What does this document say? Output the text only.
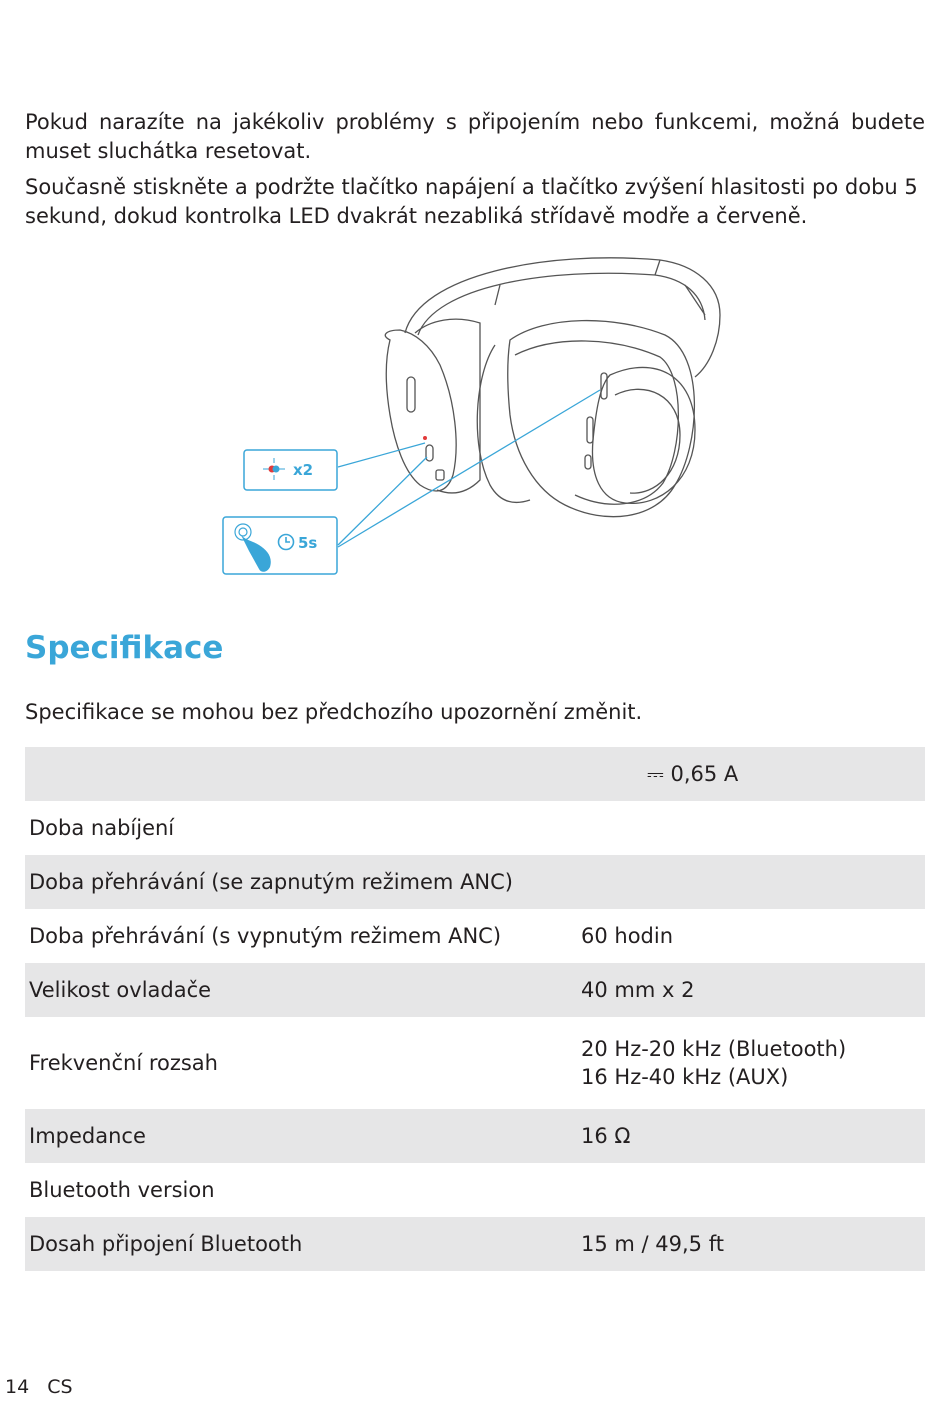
Pokud narazíte na jakékoliv problémy s připojením nebo funkcemi, možná budete muset sluchátka resetovat.

Současně stiskněte a podržte tlačítko napájení a tlačítko zvýšení hlasitosti po dobu 5 sekund, dokud kontrolka LED dvakrát nezabliká střídavě modře a červeně.

x2
5s
Specifikace

Specifikace se mohou bez předchozího upozornění změnit.

	⎓ 0,65 A
Doba nabíjení	
Doba přehrávání (se zapnutým režimem ANC)	
Doba přehrávání (s vypnutým režimem ANC)	60 hodin
Velikost ovladače	40 mm x 2
Frekvenční rozsah	20 Hz-20 kHz (Bluetooth)
16 Hz-40 kHz (AUX)

Impedance	16 Ω
Bluetooth version	
Dosah připojení Bluetooth	15 m / 49,5 ft
14 CS
